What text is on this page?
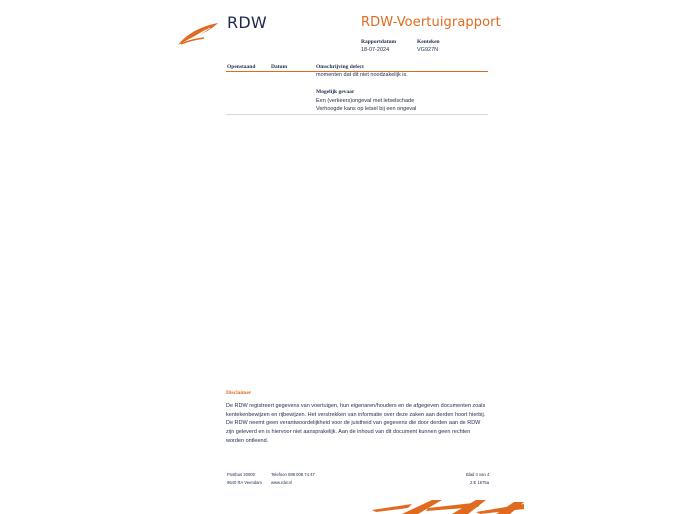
RDW	RDW-Voertuigrapport
Rapportdatum
18-07-2024
Kenteken
VG927N
Openstaand	Datum	Omschrijving defect
momenten dat dit niet noodzakelijk is.
Mogelijk gevaar
Een (verkeers)ongeval met letselschade
Verhoogde kans op letsel bij een ongeval
Disclaimer
De RDW registreert gegevens van voertuigen, hun eigenaren/houders en de afgegeven documenten zoals kentekenbewijzen en rijbewijzen. Het verstrekken van informatie over deze zaken aan derden hoort hierbij. De RDW neemt geen verantwoordelijkheid voor de juistheid van gegevens die door derden aan de RDW zijn geleverd en is hiervoor niet aansprakelijk. Aan de inhoud van dit document kunnen geen rechten worden ontleend.
Postbus 30000
9640 RA Veendam
Telefoon 088 008 74 47
www.rdw.nl
Blad 4 van 4
2 E 1675a
